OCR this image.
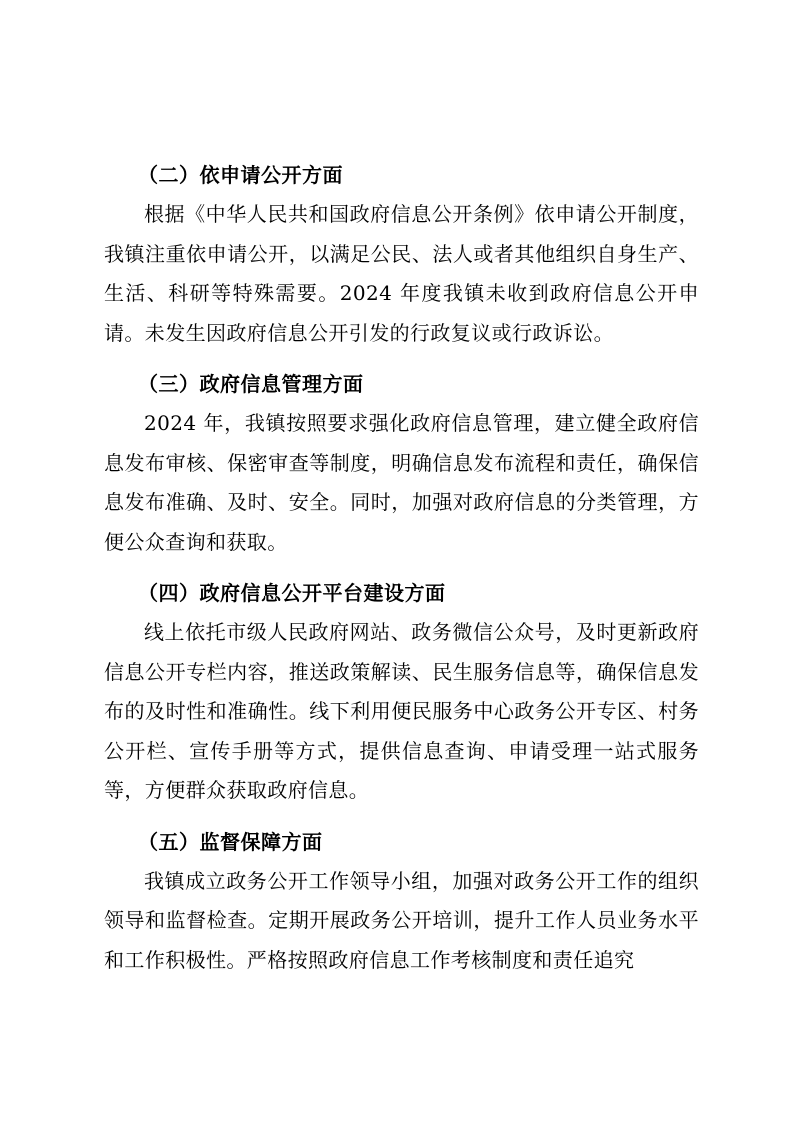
（二）依申请公开方面

根据《中华人民共和国政府信息公开条例》依申请公开制度，我镇注重依申请公开，以满足公民、法人或者其他组织自身生产、生活、科研等特殊需要。2024 年度我镇未收到政府信息公开申请。未发生因政府信息公开引发的行政复议或行政诉讼。

（三）政府信息管理方面

2024 年，我镇按照要求强化政府信息管理，建立健全政府信息发布审核、保密审查等制度，明确信息发布流程和责任，确保信息发布准确、及时、安全。同时，加强对政府信息的分类管理，方便公众查询和获取。

（四）政府信息公开平台建设方面

线上依托市级人民政府网站、政务微信公众号，及时更新政府信息公开专栏内容，推送政策解读、民生服务信息等，确保信息发布的及时性和准确性。线下利用便民服务中心政务公开专区、村务公开栏、宣传手册等方式，提供信息查询、申请受理一站式服务等，方便群众获取政府信息。

（五）监督保障方面

我镇成立政务公开工作领导小组，加强对政务公开工作的组织领导和监督检查。定期开展政务公开培训，提升工作人员业务水平和工作积极性。严格按照政府信息工作考核制度和责任追究
